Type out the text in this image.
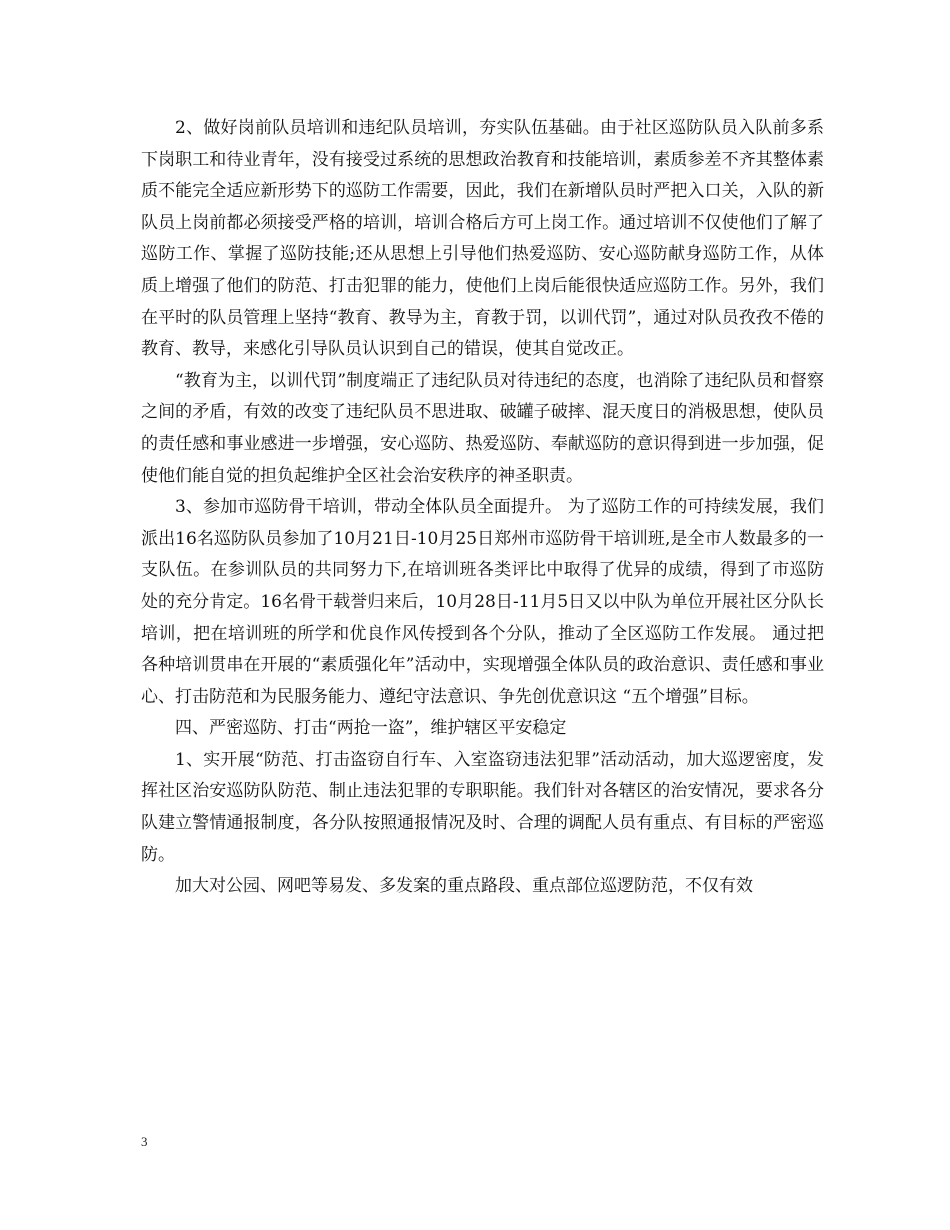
2、做好岗前队员培训和违纪队员培训，夯实队伍基础。由于社区巡防队员入队前多系下岗职工和待业青年，没有接受过系统的思想政治教育和技能培训，素质参差不齐其整体素质不能完全适应新形势下的巡防工作需要，因此，我们在新增队员时严把入口关，入队的新队员上岗前都必须接受严格的培训，培训合格后方可上岗工作。通过培训不仅使他们了解了巡防工作、掌握了巡防技能;还从思想上引导他们热爱巡防、安心巡防献身巡防工作，从体质上增强了他们的防范、打击犯罪的能力，使他们上岗后能很快适应巡防工作。另外，我们在平时的队员管理上坚持“教育、教导为主，育教于罚，以训代罚”，通过对队员孜孜不倦的教育、教导，来感化引导队员认识到自己的错误，使其自觉改正。

“教育为主，以训代罚”制度端正了违纪队员对待违纪的态度，也消除了违纪队员和督察之间的矛盾，有效的改变了违纪队员不思进取、破罐子破摔、混天度日的消极思想，使队员的责任感和事业感进一步增强，安心巡防、热爱巡防、奉献巡防的意识得到进一步加强，促使他们能自觉的担负起维护全区社会治安秩序的神圣职责。

3、参加市巡防骨干培训，带动全体队员全面提升。 为了巡防工作的可持续发展，我们派出16名巡防队员参加了10月21日-10月25日郑州市巡防骨干培训班,是全市人数最多的一支队伍。在参训队员的共同努力下,在培训班各类评比中取得了优异的成绩，得到了市巡防处的充分肯定。16名骨干载誉归来后，10月28日-11月5日又以中队为单位开展社区分队长培训，把在培训班的所学和优良作风传授到各个分队，推动了全区巡防工作发展。 通过把各种培训贯串在开展的“素质强化年”活动中，实现增强全体队员的政治意识、责任感和事业心、打击防范和为民服务能力、遵纪守法意识、争先创优意识这 “五个增强”目标。

四、严密巡防、打击“两抢一盗”，维护辖区平安稳定

1、实开展“防范、打击盗窃自行车、入室盗窃违法犯罪”活动活动，加大巡逻密度，发挥社区治安巡防队防范、制止违法犯罪的专职职能。我们针对各辖区的治安情况，要求各分队建立警情通报制度，各分队按照通报情况及时、合理的调配人员有重点、有目标的严密巡防。

加大对公园、网吧等易发、多发案的重点路段、重点部位巡逻防范，不仅有效

3
